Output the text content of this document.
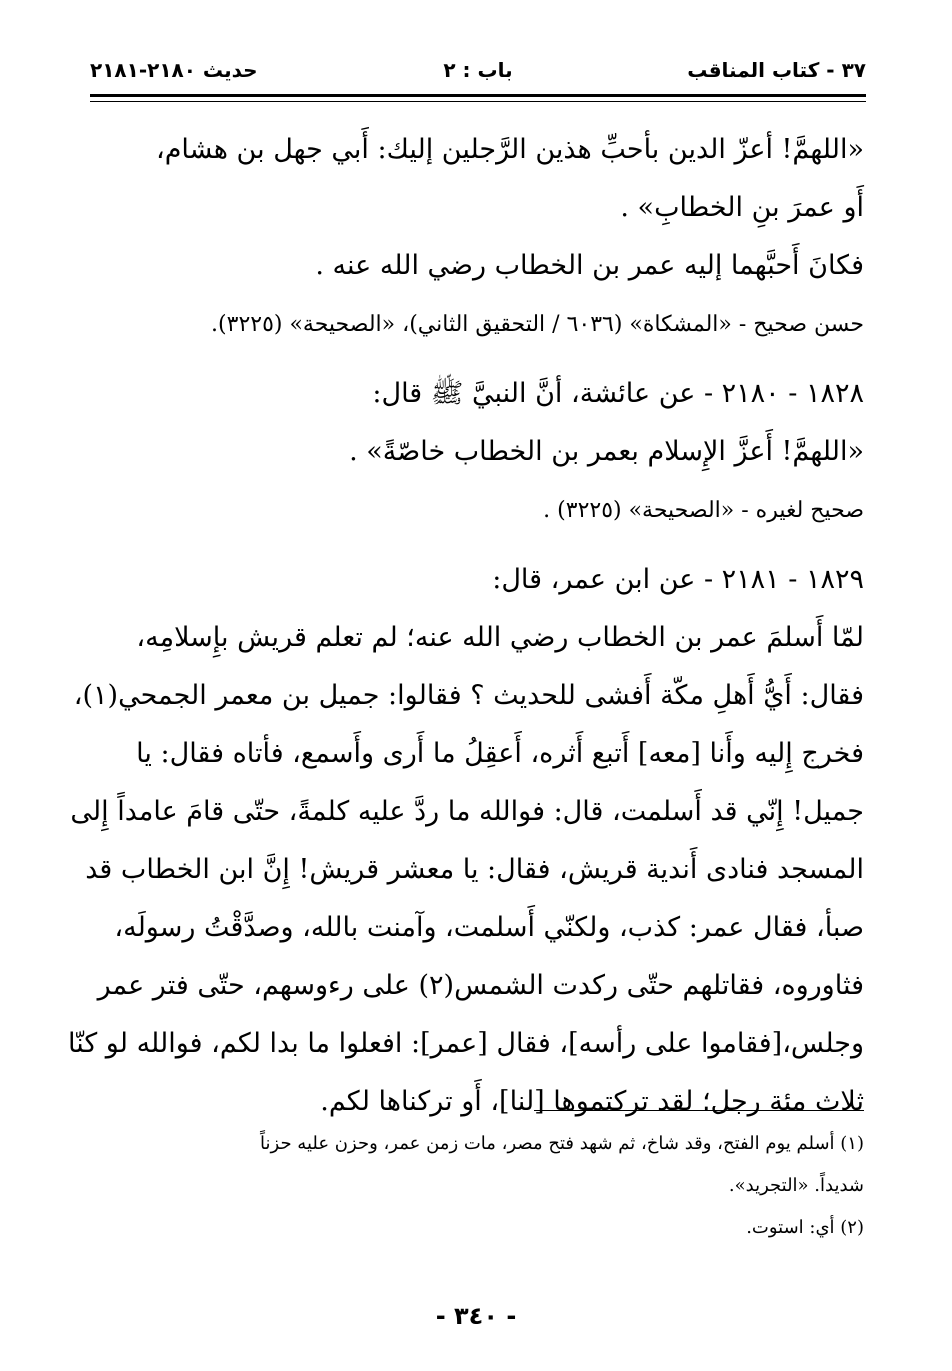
٣٧ - كتاب المناقب
باب : ٢
حديث ٢١٨٠-٢١٨١
«اللهمَّ! أعزّ الدين بأحبِّ هذين الرَّجلين إليك: أَبي جهل بن هشام،
أَو عمرَ بنِ الخطابِ» .
فكانَ أَحبَّهما إليه عمر بن الخطاب رضي الله عنه .
حسن صحيح - «المشكاة» (٦٠٣٦ / التحقيق الثاني)، «الصحيحة» (٣٢٢٥).
١٨٢٨ - ٢١٨٠ - عن عائشة، أنَّ النبيَّ ﷺ قال:
«اللهمَّ! أَعزَّ الإِسلام بعمر بن الخطاب خاصّةً» .
صحيح لغيره - «الصحيحة» (٣٢٢٥) .
١٨٢٩ - ٢١٨١ - عن ابن عمر، قال:
لمّا أَسلمَ عمر بن الخطاب رضي الله عنه؛ لم تعلم قريش بإِسلامِه،
فقال: أَيُّ أَهلِ مكّة أَفشى للحديث ؟ فقالوا: جميل بن معمر الجمحي(١)،
فخرج إِليه وأَنا [معه] أَتبع أَثره، أَعقِلُ ما أَرى وأَسمع، فأتاه فقال: يا
جميل! إِنّي قد أَسلمت، قال: فوالله ما ردَّ عليه كلمةً، حتّى قامَ عامداً إِلى
المسجد فنادى أَندية قريش، فقال: يا معشر قريش! إِنَّ ابن الخطاب قد
صبأ، فقال عمر: كذب، ولكنّي أَسلمت، وآمنت بالله، وصدَّقْتُ رسولَه،
فثاوروه، فقاتلهم حتّى ركدت الشمس(٢) على رءوسهم، حتّى فتر عمر
وجلس،[فقاموا على رأسه]، فقال [عمر]: افعلوا ما بدا لكم، فوالله لو كنّا
ثلاث مئة رجل؛ لقد تركتموها [لنا]، أَو تركناها لكم.
(١) أسلم يوم الفتح، وقد شاخ، ثم شهد فتح مصر، مات زمن عمر، وحزن عليه حزناً
شديداً. «التجريد».
(٢) أي: استوت.
- ٣٤٠ -
